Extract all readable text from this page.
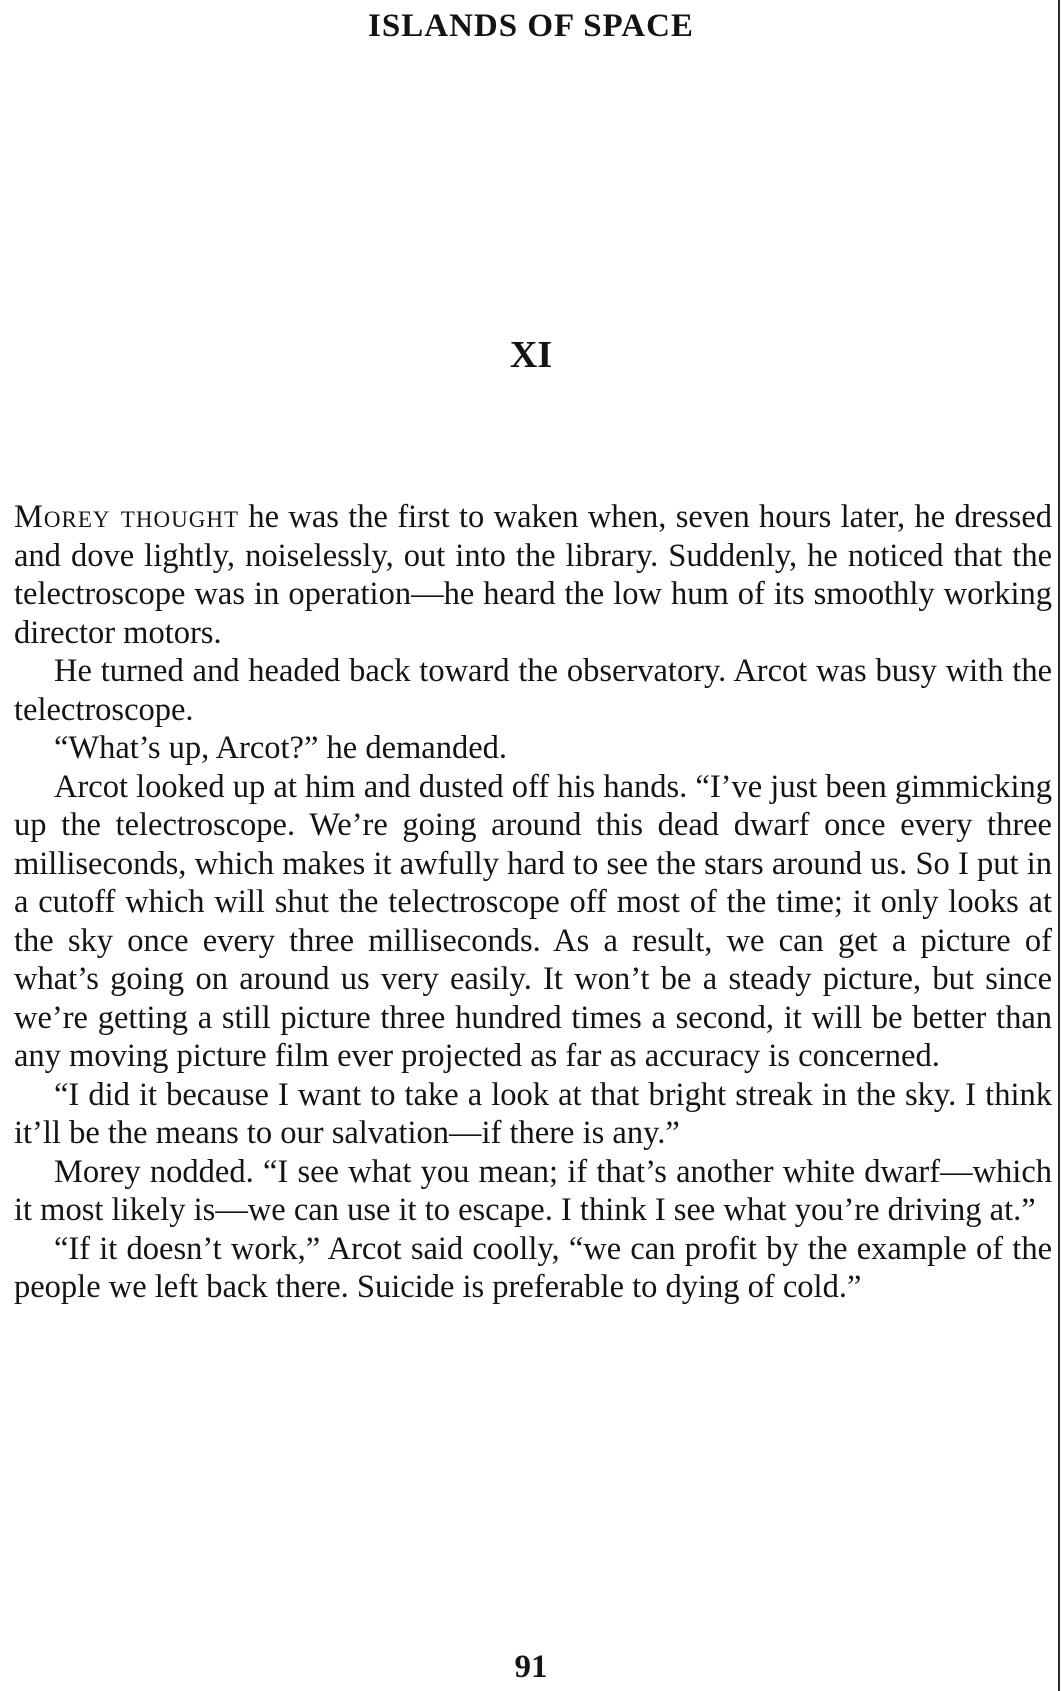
ISLANDS OF SPACE
XI

Morey thought he was the first to waken when, seven hours later, he dressed and dove lightly, noiselessly, out into the library. Suddenly, he noticed that the telectroscope was in operation—he heard the low hum of its smoothly working director motors.

He turned and headed back toward the observatory. Arcot was busy with the telectroscope.

“What’s up, Arcot?” he demanded.

Arcot looked up at him and dusted off his hands. “I’ve just been gimmicking up the telectroscope. We’re going around this dead dwarf once every three milliseconds, which makes it awfully hard to see the stars around us. So I put in a cutoff which will shut the telectroscope off most of the time; it only looks at the sky once every three milliseconds. As a result, we can get a picture of what’s going on around us very easily. It won’t be a steady picture, but since we’re getting a still picture three hundred times a second, it will be better than any moving picture film ever projected as far as accuracy is concerned.

“I did it because I want to take a look at that bright streak in the sky. I think it’ll be the means to our salvation—if there is any.”

Morey nodded. “I see what you mean; if that’s another white dwarf—which it most likely is—we can use it to escape. I think I see what you’re driving at.”

“If it doesn’t work,” Arcot said coolly, “we can profit by the example of the people we left back there. Suicide is preferable to dying of cold.”

91
